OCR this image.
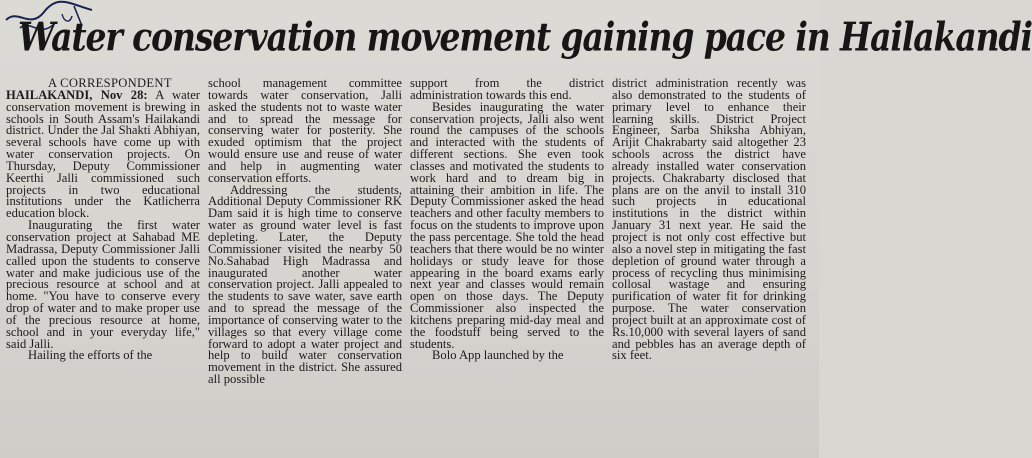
Water conservation movement gaining pace in Hailakandi

A CORRESPONDENT

HAILAKANDI, Nov 28: A water conservation movement is brewing in schools in South Assam's Hailakandi district. Under the Jal Shakti Abhiyan, several schools have come up with water conservation projects. On Thursday, Deputy Commissioner Keerthi Jalli commissioned such projects in two educational institutions under the Katlicherra education block.

Inaugurating the first water conservation project at Sahabad ME Madrassa, Deputy Commissioner Jalli called upon the students to conserve water and make judicious use of the precious resource at school and at home. "You have to conserve every drop of water and to make proper use of the precious resource at home, school and in your everyday life," said Jalli.

Hailing the efforts of the

school management committee towards water conservation, Jalli asked the students not to waste water and to spread the message for conserving water for posterity. She exuded optimism that the project would ensure use and reuse of water and help in augmenting water conservation efforts.

Addressing the students, Additional Deputy Commissioner RK Dam said it is high time to conserve water as ground water level is fast depleting. Later, the Deputy Commissioner visited the nearby 50 No.Sahabad High Madrassa and inaugurated another water conservation project. Jalli appealed to the students to save water, save earth and to spread the message of the importance of conserving water to the villages so that every village come forward to adopt a water project and help to build water conservation movement in the district. She assured all possible

support from the district administration towards this end.

Besides inaugurating the water conservation projects, Jalli also went round the campuses of the schools and interacted with the students of different sections. She even took classes and motivated the students to work hard and to dream big in attaining their ambition in life. The Deputy Commissioner asked the head teachers and other faculty members to focus on the students to improve upon the pass percentage. She told the head teachers that there would be no winter holidays or study leave for those appearing in the board exams early next year and classes would remain open on those days. The Deputy Commissioner also inspected the kitchens preparing mid-day meal and the foodstuff being served to the students.

Bolo App launched by the

district administration recently was also demonstrated to the students of primary level to enhance their learning skills. District Project Engineer, Sarba Shiksha Abhiyan, Arijit Chakrabarty said altogether 23 schools across the district have already installed water conservation projects. Chakrabarty disclosed that plans are on the anvil to install 310 such projects in educational institutions in the district within January 31 next year. He said the project is not only cost effective but also a novel step in mitigating the fast depletion of ground water through a process of recycling thus minimising collosal wastage and ensuring purification of water fit for drinking purpose. The water conservation project built at an approximate cost of Rs.10,000 with several layers of sand and pebbles has an average depth of six feet.
